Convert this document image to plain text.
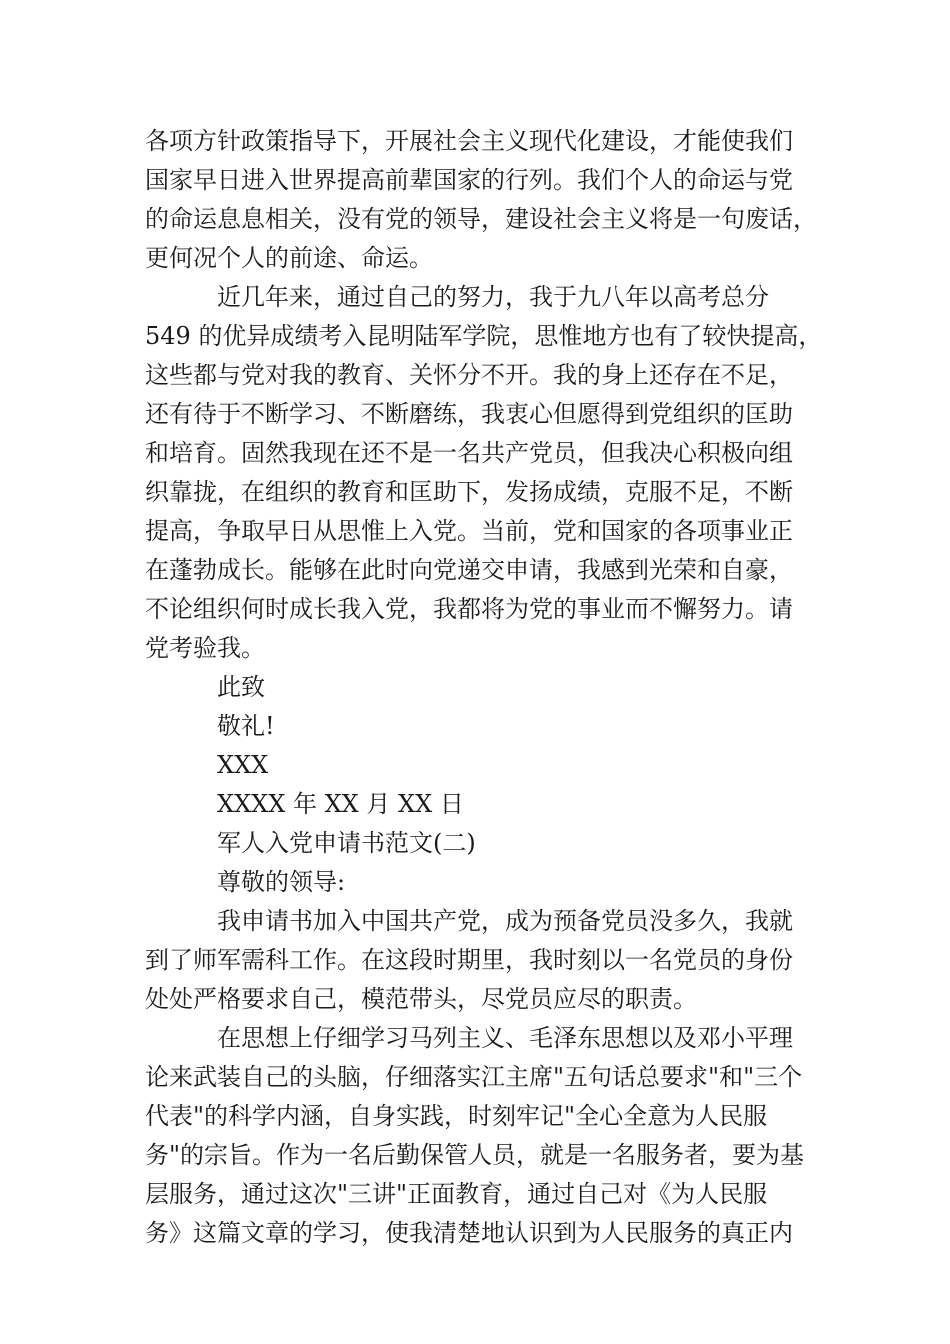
各项方针政策指导下，开展社会主义现代化建设，才能使我们
国家早日进入世界提高前辈国家的行列。我们个人的命运与党
的命运息息相关，没有党的领导，建设社会主义将是一句废话，
更何况个人的前途、命运。
近几年来，通过自己的努力，我于九八年以高考总分
549 的优异成绩考入昆明陆军学院，思惟地方也有了较快提高，
这些都与党对我的教育、关怀分不开。我的身上还存在不足，
还有待于不断学习、不断磨练，我衷心但愿得到党组织的匡助
和培育。固然我现在还不是一名共产党员，但我决心积极向组
织靠拢，在组织的教育和匡助下，发扬成绩，克服不足，不断
提高，争取早日从思惟上入党。当前，党和国家的各项事业正
在蓬勃成长。能够在此时向党递交申请，我感到光荣和自豪，
不论组织何时成长我入党，我都将为党的事业而不懈努力。请
党考验我。
此致
敬礼!
XXX
XXXX 年 XX 月 XX 日
军人入党申请书范文(二)
尊敬的领导:
我申请书加入中国共产党，成为预备党员没多久，我就
到了师军需科工作。在这段时期里，我时刻以一名党员的身份
处处严格要求自己，模范带头，尽党员应尽的职责。
在思想上仔细学习马列主义、毛泽东思想以及邓小平理
论来武装自己的头脑，仔细落实江主席"五句话总要求"和"三个
代表"的科学内涵，自身实践，时刻牢记"全心全意为人民服
务"的宗旨。作为一名后勤保管人员，就是一名服务者，要为基
层服务，通过这次"三讲"正面教育，通过自己对《为人民服
务》这篇文章的学习，使我清楚地认识到为人民服务的真正内
